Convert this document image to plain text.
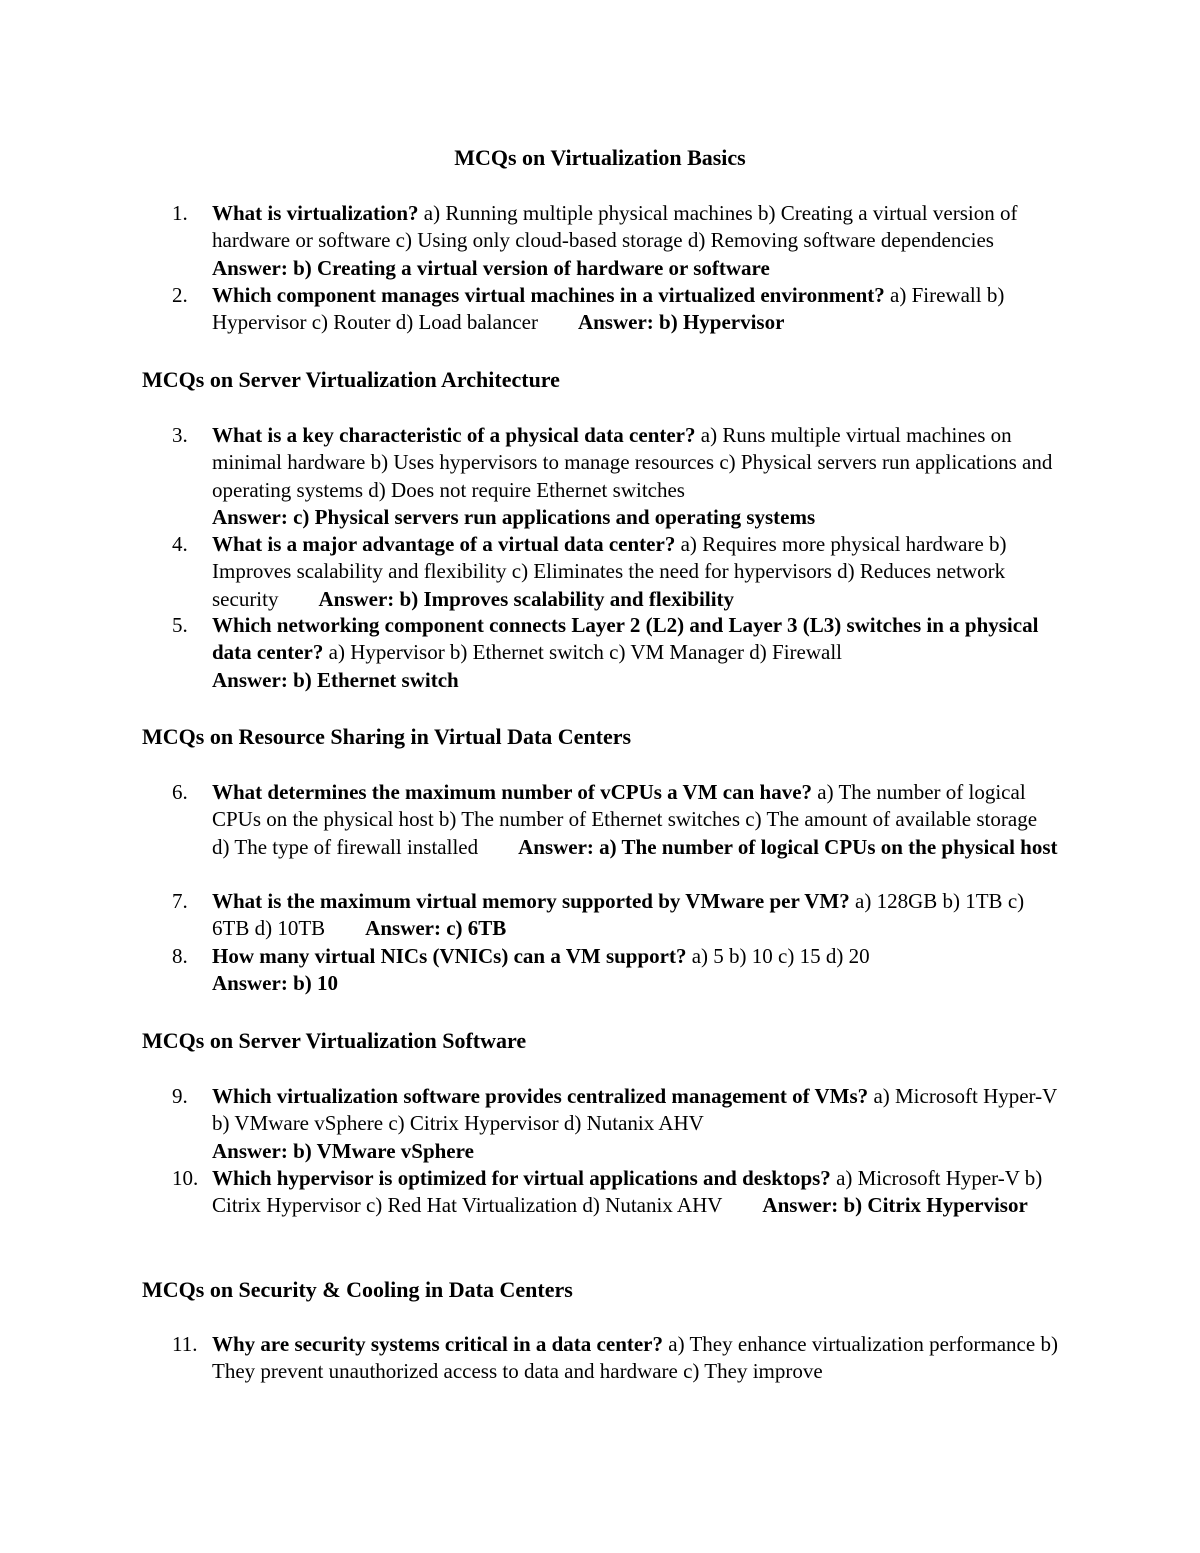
MCQs on Virtualization Basics
1. What is virtualization? a) Running multiple physical machines b) Creating a virtual version of hardware or software c) Using only cloud-based storage d) Removing software dependenciesAnswer: b) Creating a virtual version of hardware or software
2. Which component manages virtual machines in a virtualized environment? a) Firewall b) Hypervisor c) Router d) Load balancer Answer: b) Hypervisor
MCQs on Server Virtualization Architecture
3. What is a key characteristic of a physical data center? a) Runs multiple virtual machines on minimal hardware b) Uses hypervisors to manage resources c) Physical servers run applications and operating systems d) Does not require Ethernet switches
Answer: c) Physical servers run applications and operating systems
4. What is a major advantage of a virtual data center? a) Requires more physical hardware b) Improves scalability and flexibility c) Eliminates the need for hypervisors d) Reduces network security Answer: b) Improves scalability and flexibility
5. Which networking component connects Layer 2 (L2) and Layer 3 (L3) switches in a physical data center? a) Hypervisor b) Ethernet switch c) VM Manager d) Firewall
Answer: b) Ethernet switch
MCQs on Resource Sharing in Virtual Data Centers
6. What determines the maximum number of vCPUs a VM can have? a) The number of logical CPUs on the physical host b) The number of Ethernet switches c) The amount of available storage d) The type of firewall installed Answer: a) The number of logical CPUs on the physical host
7. What is the maximum virtual memory supported by VMware per VM? a) 128GB b) 1TB c) 6TB d) 10TB Answer: c) 6TB
8. How many virtual NICs (VNICs) can a VM support? a) 5 b) 10 c) 15 d) 20
Answer: b) 10
MCQs on Server Virtualization Software
9. Which virtualization software provides centralized management of VMs? a) Microsoft Hyper-V b) VMware vSphere c) Citrix Hypervisor d) Nutanix AHV
Answer: b) VMware vSphere
10. Which hypervisor is optimized for virtual applications and desktops? a) Microsoft Hyper-V b) Citrix Hypervisor c) Red Hat Virtualization d) Nutanix AHV Answer: b) Citrix Hypervisor
MCQs on Security & Cooling in Data Centers
11. Why are security systems critical in a data center? a) They enhance virtualization performance b) They prevent unauthorized access to data and hardware c) They improve
